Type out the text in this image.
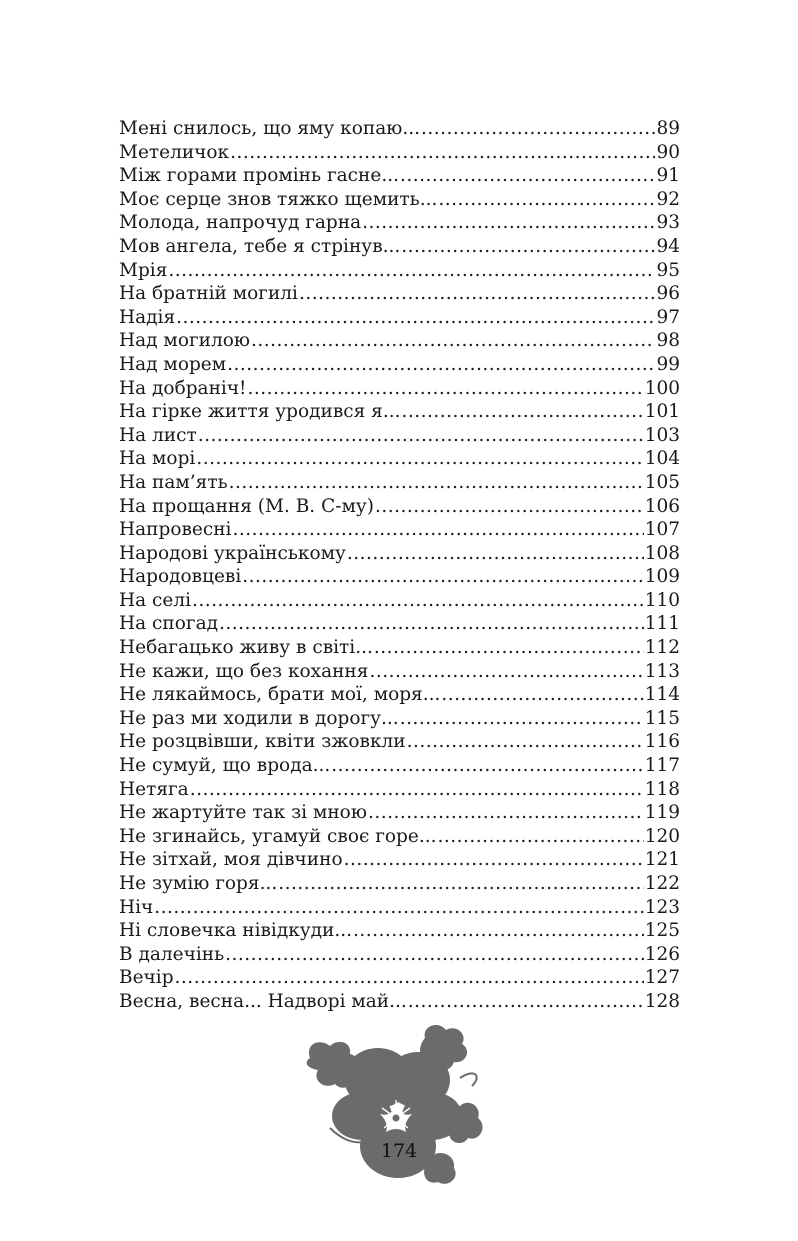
Мені снилось, що яму копаю... .....	89
Метеличок .....	90
Між горами промінь гасне... .....	91
Моє серце знов тяжко щемить... .....	92
Молода, напрочуд гарна .....	93
Мов ангела, тебе я стрінув... .....	94
Мрія .....	95
На братній могилі .....	96
Надія .....	97
Над могилою .....	98
Над морем .....	99
На добраніч! .....	100
На гірке життя уродився я... .....	101
На лист .....	103
На морі .....	104
На пам’ять .....	105
На прощання (М. В. С-му) .....	106
Напровесні .....	107
Народові українському .....	108
Народовцеві .....	109
На селі .....	110
На спогад .....	111
Небагацько живу в світі... .....	112
Не кажи, що без кохання .....	113
Не лякаймось, брати мої, моря... .....	114
Не раз ми ходили в дорогу... .....	115
Не розцвівши, квіти зжовкли .....	116
Не сумуй, що врода... .....	117
Нетяга .....	118
Не жартуйте так зі мною .....	119
Не згинайсь, угамуй своє горе... .....	120
Не зітхай, моя дівчино .....	121
Не зумію горя... .....	122
Ніч .....	123
Ні словечка нівідкуди... .....	125
В далечінь .....	126
Вечір .....	127
Весна, весна... Надворі май... .....	128
174
